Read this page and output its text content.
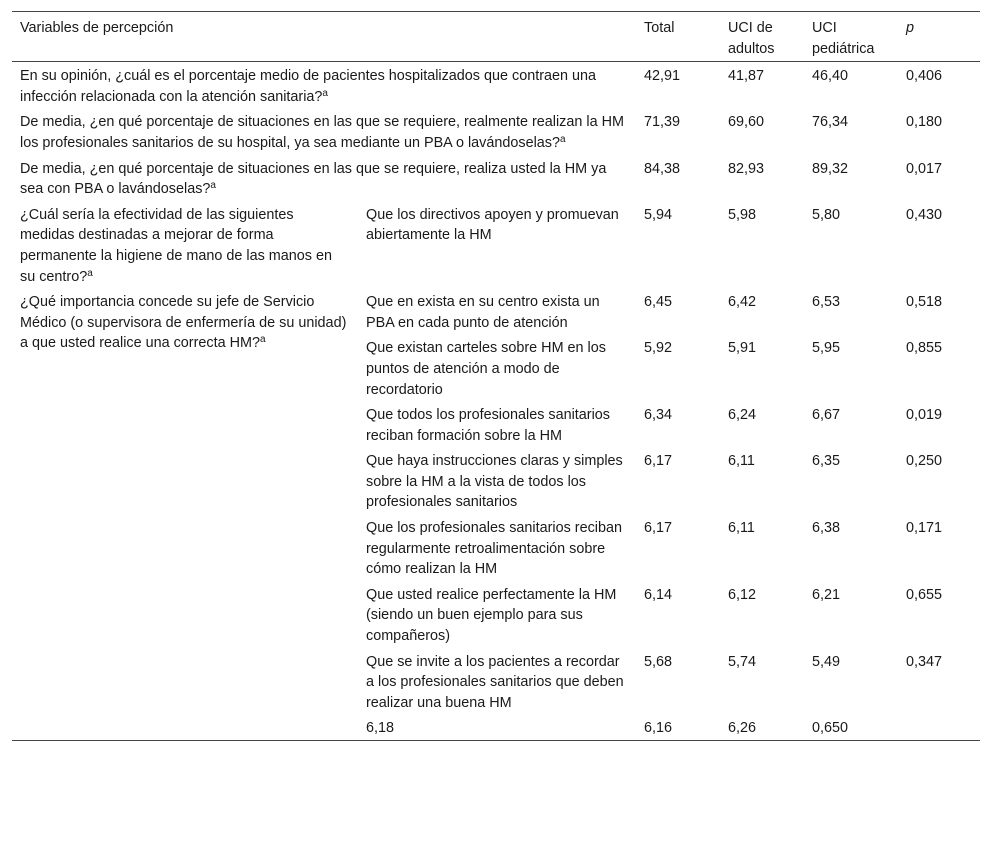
Variables de percepción		Total	UCI de adultos	UCI pediátrica	p
En su opinión, ¿cuál es el porcentaje medio de pacientes hospitalizados que contraen una infección relacionada con la atención sanitaria?$^a$		42,91	41,87	46,40	0,406
De media, ¿en qué porcentaje de situaciones en las que se requiere, realmente realizan la HM los profesionales sanitarios de su hospital, ya sea mediante un PBA o lavándoselas?$^a$		71,39	69,60	76,34	0,180
De media, ¿en qué porcentaje de situaciones en las que se requiere, realiza usted la HM ya sea con PBA o lavándoselas?$^a$		84,38	82,93	89,32	0,017
¿Cuál sería la efectividad de las siguientes medidas destinadas a mejorar de forma permanente la higiene de mano de las manos en su centro?$^a$	Que los directivos apoyen y promuevan abiertamente la HM	5,94	5,98	5,80	0,430
¿Qué importancia concede su jefe de Servicio Médico (o supervisora de enfermería de su unidad) a que usted realice una correcta HM?$^a$	Que en exista en su centro exista un PBA en cada punto de atención	6,45	6,42	6,53	0,518
	Que existan carteles sobre HM en los puntos de atención a modo de recordatorio	5,92	5,91	5,95	0,855
	Que todos los profesionales sanitarios reciban formación sobre la HM	6,34	6,24	6,67	0,019
	Que haya instrucciones claras y simples sobre la HM a la vista de todos los profesionales sanitarios	6,17	6,11	6,35	0,250
	Que los profesionales sanitarios reciban regularmente retroalimentación sobre cómo realizan la HM	6,17	6,11	6,38	0,171
	Que usted realice perfectamente la HM (siendo un buen ejemplo para sus compañeros)	6,14	6,12	6,21	0,655
	Que se invite a los pacientes a recordar a los profesionales sanitarios que deben realizar una buena HM	5,68	5,74	5,49	0,347
	6,18	6,16	6,26	0,650	
